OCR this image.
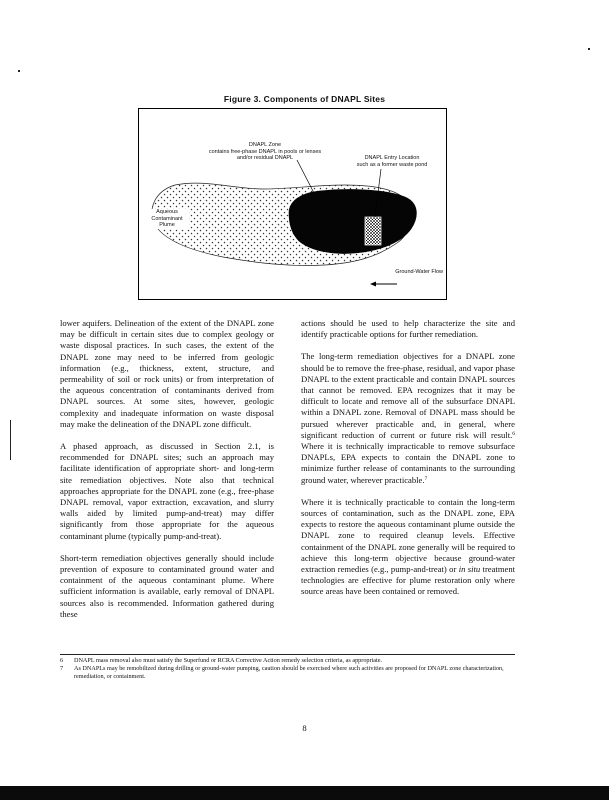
Figure 3. Components of DNAPL Sites
DNAPL Zone
contains free-phase DNAPL in pools or lenses and/or residual DNAPL	DNAPL Entry Location
such as a former waste pond
Aqueous Contaminant Plume
Ground-Water Flow

lower aquifers. Delineation of the extent of the DNAPL zone may be difficult in certain sites due to complex geology or waste disposal practices. In such cases, the extent of the DNAPL zone may need to be inferred from geologic information (e.g., thickness, extent, structure, and permeability of soil or rock units) or from interpretation of the aqueous concentration of contaminants derived from DNAPL sources. At some sites, however, geologic complexity and inadequate information on waste disposal may make the delineation of the DNAPL zone difficult.

A phased approach, as discussed in Section 2.1, is recommended for DNAPL sites; such an approach may facilitate identification of appropriate short- and long-term site remediation objectives. Note also that technical approaches appropriate for the DNAPL zone (e.g., free-phase DNAPL removal, vapor extraction, excavation, and slurry walls aided by limited pump-and-treat) may differ significantly from those appropriate for the aqueous contaminant plume (typically pump-and-treat).

Short-term remediation objectives generally should include prevention of exposure to contaminated ground water and containment of the aqueous contaminant plume. Where sufficient information is available, early removal of DNAPL sources also is recommended. Information gathered during these

actions should be used to help characterize the site and identify practicable options for further remediation.

The long-term remediation objectives for a DNAPL zone should be to remove the free-phase, residual, and vapor phase DNAPL to the extent practicable and contain DNAPL sources that cannot be removed. EPA recognizes that it may be difficult to locate and remove all of the subsurface DNAPL within a DNAPL zone. Removal of DNAPL mass should be pursued wherever practicable and, in general, where significant reduction of current or future risk will result.$^6$ Where it is technically impracticable to remove subsurface DNAPLs, EPA expects to contain the DNAPL zone to minimize further release of contaminants to the surrounding ground water, wherever practicable.$^7$

Where it is technically practicable to contain the long-term sources of contamination, such as the DNAPL zone, EPA expects to restore the aqueous contaminant plume outside the DNAPL zone to required cleanup levels. Effective containment of the DNAPL zone generally will be required to achieve this long-term objective because ground-water extraction remedies (e.g., pump-and-treat) or in situ treatment technologies are effective for plume restoration only where source areas have been contained or removed.

6 DNAPL mass removal also must satisfy the Superfund or RCRA Corrective Action remedy selection criteria, as appropriate.
7 As DNAPLs may be remobilized during drilling or ground-water pumping, caution should be exercised where such activities are proposed for DNAPL zone characterization, remediation, or containment.
8
